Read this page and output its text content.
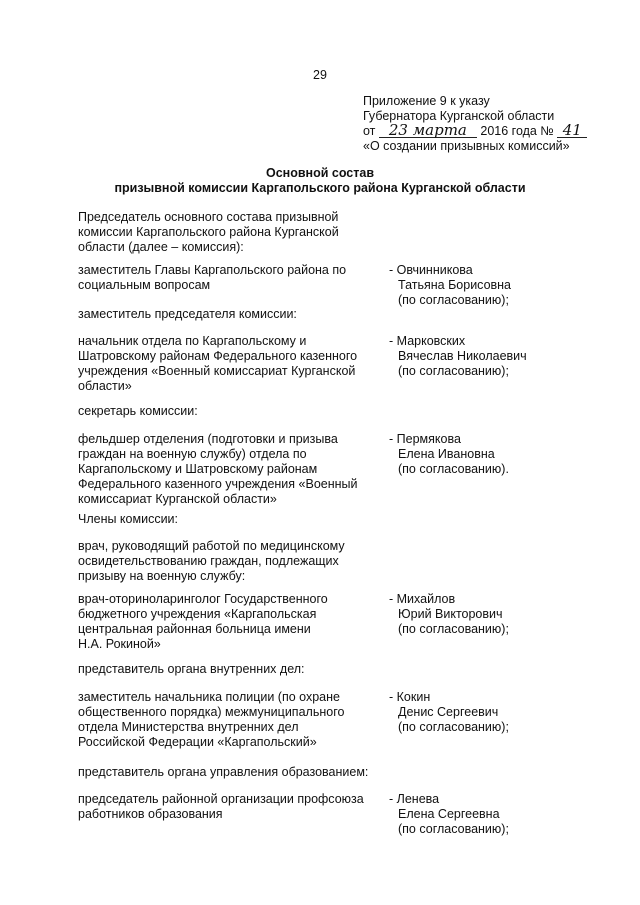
29
Приложение 9 к указу
Губернатора Курганской области
от 23 марта 2016 года № 41
«О создании призывных комиссий»
Основной состав
призывной комиссии Каргапольского района Курганской области
Председатель основного состава призывной
комиссии Каргапольского района Курганской
области (далее – комиссия):
заместитель Главы Каргапольского района по
социальным вопросам
- Овчинникова
Татьяна Борисовна
(по согласованию);
заместитель председателя комиссии:
начальник отдела по Каргапольскому и
Шатровскому районам Федерального казенного
учреждения «Военный комиссариат Курганской
области»
- Марковских
Вячеслав Николаевич
(по согласованию);
секретарь комиссии:
фельдшер отделения (подготовки и призыва
граждан на военную службу) отдела по
Каргапольскому и Шатровскому районам
Федерального казенного учреждения «Военный
комиссариат Курганской области»
- Пермякова
Елена Ивановна
(по согласованию).
Члены комиссии:
врач, руководящий работой по медицинскому
освидетельствованию граждан, подлежащих
призыву на военную службу:
врач-оториноларинголог Государственного
бюджетного учреждения «Каргапольская
центральная районная больница имени
Н.А. Рокиной»
- Михайлов
Юрий Викторович
(по согласованию);
представитель органа внутренних дел:
заместитель начальника полиции (по охране
общественного порядка) межмуниципального
отдела Министерства внутренних дел
Российской Федерации «Каргапольский»
- Кокин
Денис Сергеевич
(по согласованию);
представитель органа управления образованием:
председатель районной организации профсоюза
работников образования
- Ленева
Елена Сергеевна
(по согласованию);
